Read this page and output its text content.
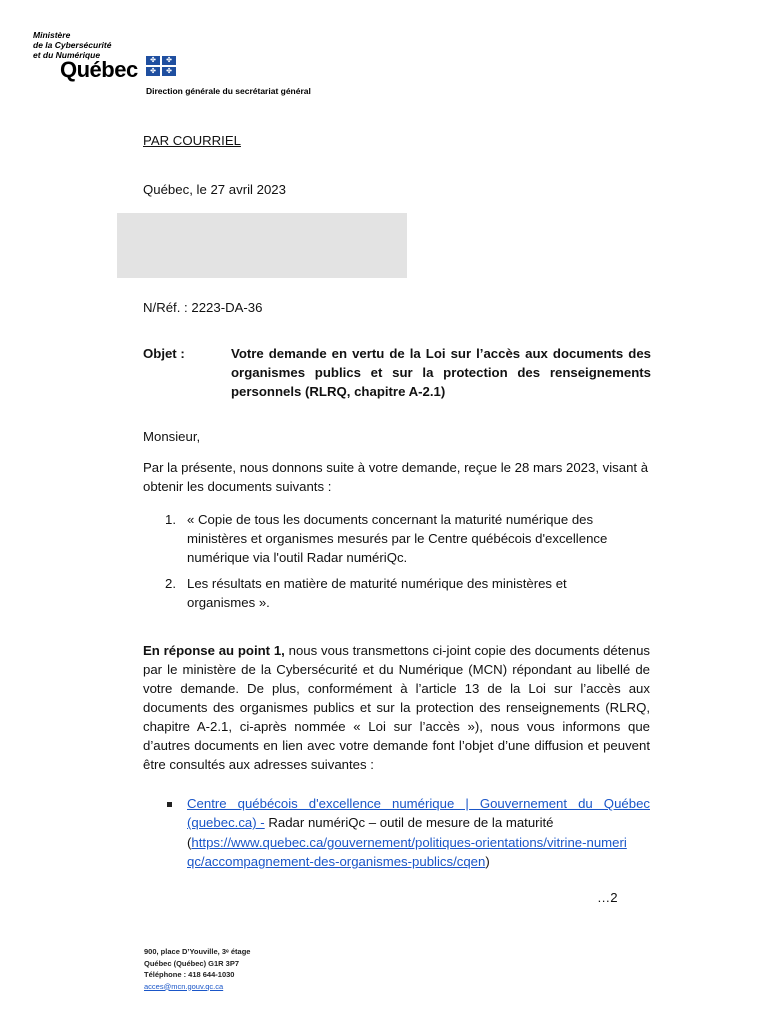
Ministère
de la Cybersécurité
et du Numérique
Québec	✤	✤
✤	✤
Direction générale du secrétariat général
PAR COURRIEL
Québec, le 27 avril 2023
N/Réf. : 2223-DA-36
Objet :	Votre demande en vertu de la Loi sur l’accès aux documents des organismes publics et sur la protection des renseignements personnels (RLRQ, chapitre A-2.1)
Monsieur,
Par la présente, nous donnons suite à votre demande, reçue le 28 mars 2023, visant à obtenir les documents suivants :
1. « Copie de tous les documents concernant la maturité numérique des ministères et organismes mesurés par le Centre québécois d'excellence numérique via l'outil Radar numériQc.
2. Les résultats en matière de maturité numérique des ministères et organismes ».
En réponse au point 1, nous vous transmettons ci-joint copie des documents détenus par le ministère de la Cybersécurité et du Numérique (MCN) répondant au libellé de votre demande. De plus, conformément à l’article 13 de la Loi sur l’accès aux documents des organismes publics et sur la protection des renseignements (RLRQ, chapitre A-2.1, ci-après nommée « Loi sur l’accès »), nous vous informons que d’autres documents en lien avec votre demande font l’objet d’une diffusion et peuvent être consultés aux adresses suivantes :
Centre québécois d'excellence numérique | Gouvernement du Québec (quebec.ca) - Radar numériQc – outil de mesure de la maturité
(https://www.quebec.ca/gouvernement/politiques-orientations/vitrine-numeriqc/accompagnement-des-organismes-publics/cqen)
…2
900, place D’Youville, 3ᵉ étage
Québec (Québec) G1R 3P7
Téléphone : 418 644-1030
acces@mcn.gouv.qc.ca
